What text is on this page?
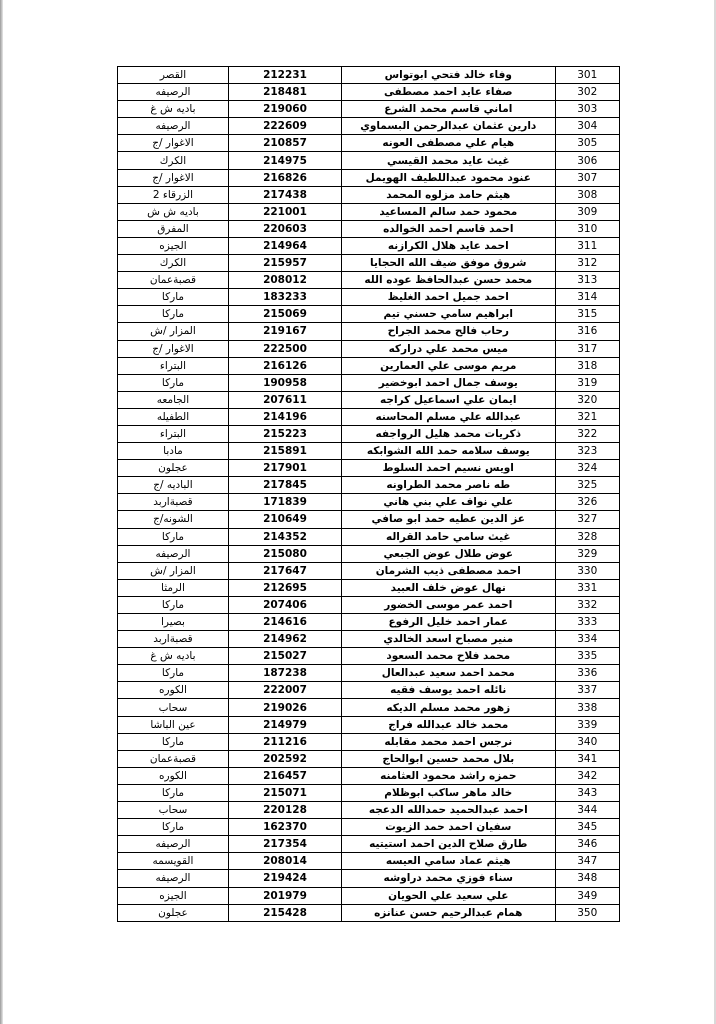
القصر	212231	وفاء خالد فتحي ابوتواس	301
الرصيفه	218481	صفاء عايد احمد مصطفى	302
باديه ش غ	219060	اماني قاسم محمد الشرع	303
الرصيفه	222609	دارين عثمان عبدالرحمن البسماوي	304
الاغوار /ج	210857	هيام علي مصطفى العونه	305
الكرك	214975	غيث عايد محمد القيسي	306
الاغوار /ج	216826	عنود محمود عبداللطيف الهويمل	307
الزرقاء 2	217438	هيثم حامد مزلوه المحمد	308
باديه ش ش	221001	محمود حمد سالم المساعيد	309
المفرق	220603	احمد قاسم احمد الخوالده	310
الجيزه	214964	احمد عايد هلال الكرازنه	311
الكرك	215957	شروق موفق ضيف الله الحجايا	312
قصبةعمان	208012	محمد حسن عبدالحافظ عوده الله	313
ماركا	183233	احمد جميل احمد الغليظ	314
ماركا	215069	ابراهيم سامي حسني تيم	315
المزار /ش	219167	رحاب فالح محمد الجراح	316
الاغوار /ج	222500	ميس محمد علي دراركه	317
البتراء	216126	مريم موسى علي العمارين	318
ماركا	190958	يوسف جمال احمد ابوخضير	319
الجامعه	207611	ايمان علي اسماعيل كراجه	320
الطفيله	214196	عبدالله علي مسلم المحاسنه	321
البتراء	215223	ذكريات محمد هليل الرواجفه	322
مادبا	215891	يوسف سلامه حمد الله الشوابكه	323
عجلون	217901	اويس نسيم احمد السلوط	324
الباديه /ج	217845	طه ناصر محمد الطراونه	325
قصبةاربد	171839	علي نواف علي بني هاني	326
الشونه/ج	210649	عز الدين عطيه حمد ابو صافي	327
ماركا	214352	غيث سامي حامد القراله	328
الرصيفه	215080	عوض طلال عوض الجبعي	329
المزار /ش	217647	احمد مصطفى ذيب الشرمان	330
الرمثا	212695	نهال عوض خلف العبيد	331
ماركا	207406	احمد عمر موسى الخضور	332
بصيرا	214616	عمار احمد خليل الرفوع	333
قصبةاربد	214962	منير مصباح اسعد الخالدي	334
باديه ش غ	215027	محمد فلاح محمد السعود	335
ماركا	187238	محمد احمد سعيد عبدالعال	336
الكوره	222007	نائله احمد يوسف فقيه	337
سحاب	219026	زهور محمد مسلم الديكه	338
عين الباشا	214979	محمد خالد عبدالله فراج	339
ماركا	211216	نرجس احمد محمد مقابله	340
قصبةعمان	202592	بلال محمد حسين ابوالحاج	341
الكوره	216457	حمزه راشد محمود العثامنه	342
ماركا	215071	خالد ماهر ساكب ابوظلام	343
سحاب	220128	احمد عبدالحميد حمدالله الدعجه	344
ماركا	162370	سفيان احمد حمد الزيوت	345
الرصيفه	217354	طارق صلاح الدين احمد استيتيه	346
القويسمه	208014	هيثم عماد سامي العيسه	347
الرصيفه	219424	سناء فوزي محمد دراوشه	348
الجيزه	201979	علي سعيد علي الحويان	349
عجلون	215428	همام عبدالرحيم حسن عنانزه	350
